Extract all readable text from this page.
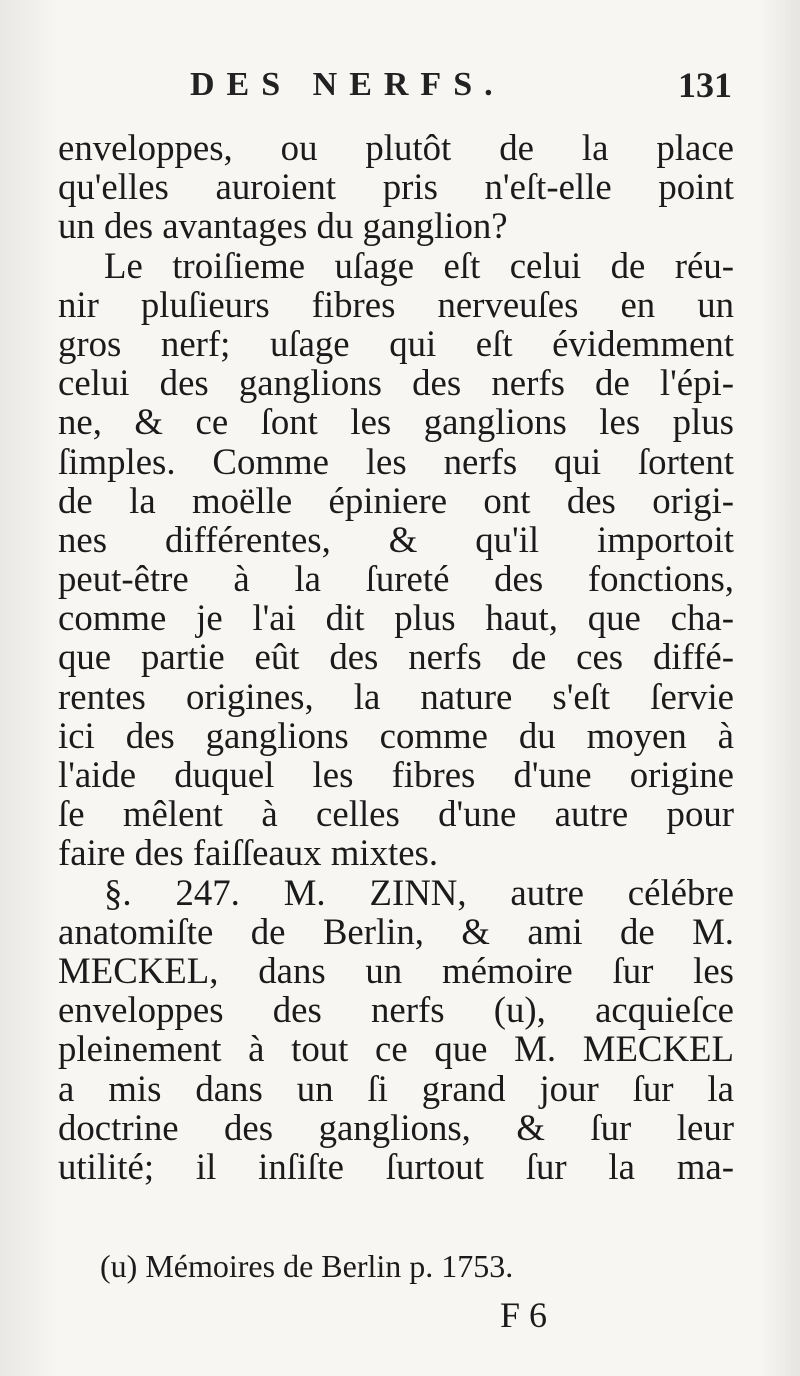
DES NERFS.	131
enveloppes, ou plutôt de la place
qu'elles auroient pris n'eſt-elle point
un des avantages du ganglion?
Le troiſieme uſage eſt celui de réu-
nir pluſieurs fibres nerveuſes en un
gros nerf; uſage qui eſt évidemment
celui des ganglions des nerfs de l'épi-
ne, & ce ſont les ganglions les plus
ſimples. Comme les nerfs qui ſortent
de la moëlle épiniere ont des origi-
nes différentes, & qu'il importoit
peut-être à la ſureté des fonctions,
comme je l'ai dit plus haut, que cha-
que partie eût des nerfs de ces diffé-
rentes origines, la nature s'eſt ſervie
ici des ganglions comme du moyen à
l'aide duquel les fibres d'une origine
ſe mêlent à celles d'une autre pour
faire des faiſſeaux mixtes.
§. 247. M. ZINN, autre célébre
anatomiſte de Berlin, & ami de M.
MECKEL, dans un mémoire ſur les
enveloppes des nerfs (u), acquieſce
pleinement à tout ce que M. MECKEL
a mis dans un ſi grand jour ſur la
doctrine des ganglions, & ſur leur
utilité; il inſiſte ſurtout ſur la ma-
(u) Mémoires de Berlin p. 1753.
F 6
